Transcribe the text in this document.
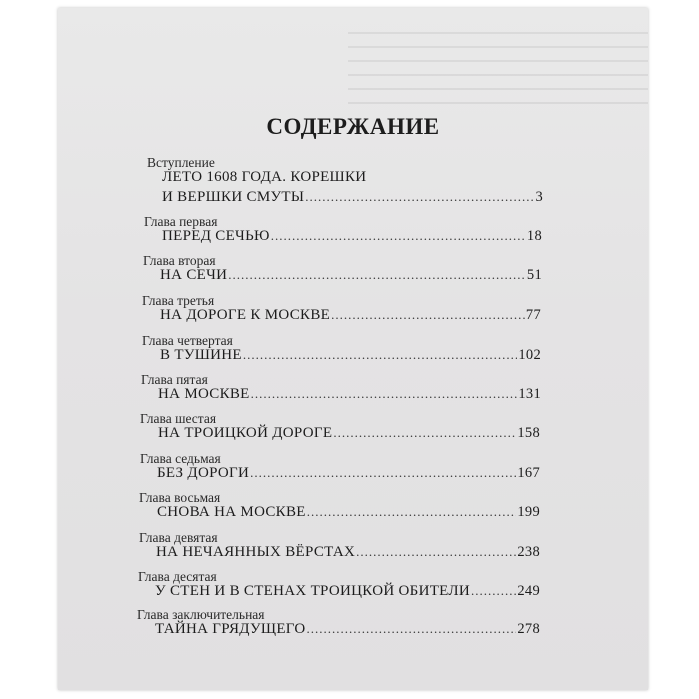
СОДЕРЖАНИЕ
Вступление
ЛЕТО 1608 ГОДА. КОРЕШКИ
И ВЕРШКИ СМУТЫ .....	3
Глава первая
ПЕРЕД СЕЧЬЮ .....	18
Глава вторая
НА СЕЧИ .....	51
Глава третья
НА ДОРОГЕ К МОСКВЕ .....	77
Глава четвертая
В ТУШИНЕ .....	102
Глава пятая
НА МОСКВЕ .....	131
Глава шестая
НА ТРОИЦКОЙ ДОРОГЕ .....	158
Глава седьмая
БЕЗ ДОРОГИ .....	167
Глава восьмая
СНОВА НА МОСКВЕ .....	199
Глава девятая
НА НЕЧАЯННЫХ ВЁРСТАХ .....	238
Глава десятая
У СТЕН И В СТЕНАХ ТРОИЦКОЙ ОБИТЕЛИ .....	249
Глава заключительная
ТАЙНА ГРЯДУЩЕГО .....	278
